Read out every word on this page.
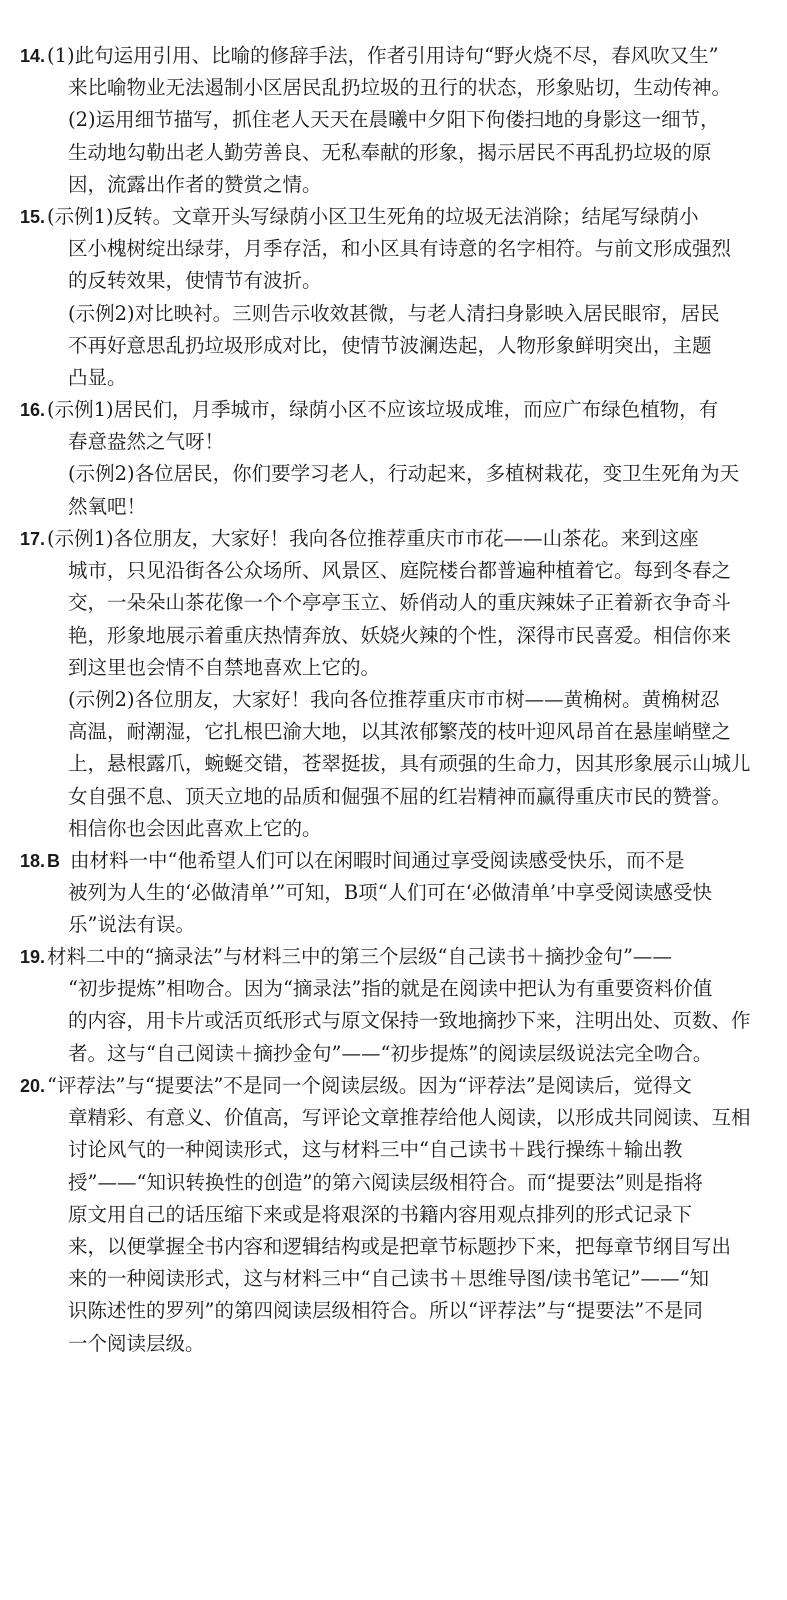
14. (1)此句运用引用、比喻的修辞手法，作者引用诗句“野火烧不尽，春风吹又生”
来比喻物业无法遏制小区居民乱扔垃圾的丑行的状态，形象贴切，生动传神。
(2)运用细节描写，抓住老人天天在晨曦中夕阳下佝偻扫地的身影这一细节，
生动地勾勒出老人勤劳善良、无私奉献的形象，揭示居民不再乱扔垃圾的原
因，流露出作者的赞赏之情。
15. (示例1)反转。文章开头写绿荫小区卫生死角的垃圾无法消除；结尾写绿荫小
区小槐树绽出绿芽，月季存活，和小区具有诗意的名字相符。与前文形成强烈
的反转效果，使情节有波折。
(示例2)对比映衬。三则告示收效甚微，与老人清扫身影映入居民眼帘，居民
不再好意思乱扔垃圾形成对比，使情节波澜迭起，人物形象鲜明突出，主题
凸显。
16. (示例1)居民们，月季城市，绿荫小区不应该垃圾成堆，而应广布绿色植物，有
春意盎然之气呀！
(示例2)各位居民，你们要学习老人，行动起来，多植树栽花，变卫生死角为天
然氧吧！
17. (示例1)各位朋友，大家好！我向各位推荐重庆市市花——山茶花。来到这座
城市，只见沿街各公众场所、风景区、庭院楼台都普遍种植着它。每到冬春之
交，一朵朵山茶花像一个个亭亭玉立、娇俏动人的重庆辣妹子正着新衣争奇斗
艳，形象地展示着重庆热情奔放、妖娆火辣的个性，深得市民喜爱。相信你来
到这里也会情不自禁地喜欢上它的。
(示例2)各位朋友，大家好！我向各位推荐重庆市市树——黄桷树。黄桷树忍
高温，耐潮湿，它扎根巴渝大地，以其浓郁繁茂的枝叶迎风昂首在悬崖峭壁之
上，悬根露爪，蜿蜒交错，苍翠挺拔，具有顽强的生命力，因其形象展示山城儿
女自强不息、顶天立地的品质和倔强不屈的红岩精神而赢得重庆市民的赞誉。
相信你也会因此喜欢上它的。
18. B 由材料一中“他希望人们可以在闲暇时间通过享受阅读感受快乐，而不是
被列为人生的‘必做清单’”可知，B项“人们可在‘必做清单’中享受阅读感受快
乐”说法有误。
19. 材料二中的“摘录法”与材料三中的第三个层级“自己读书＋摘抄金句”——
“初步提炼”相吻合。因为“摘录法”指的就是在阅读中把认为有重要资料价值
的内容，用卡片或活页纸形式与原文保持一致地摘抄下来，注明出处、页数、作
者。这与“自己阅读＋摘抄金句”——“初步提炼”的阅读层级说法完全吻合。
20. “评荐法”与“提要法”不是同一个阅读层级。因为“评荐法”是阅读后，觉得文
章精彩、有意义、价值高，写评论文章推荐给他人阅读，以形成共同阅读、互相
讨论风气的一种阅读形式，这与材料三中“自己读书＋践行操练＋输出教
授”——“知识转换性的创造”的第六阅读层级相符合。而“提要法”则是指将
原文用自己的话压缩下来或是将艰深的书籍内容用观点排列的形式记录下
来，以便掌握全书内容和逻辑结构或是把章节标题抄下来，把每章节纲目写出
来的一种阅读形式，这与材料三中“自己读书＋思维导图/读书笔记”——“知
识陈述性的罗列”的第四阅读层级相符合。所以“评荐法”与“提要法”不是同
一个阅读层级。
